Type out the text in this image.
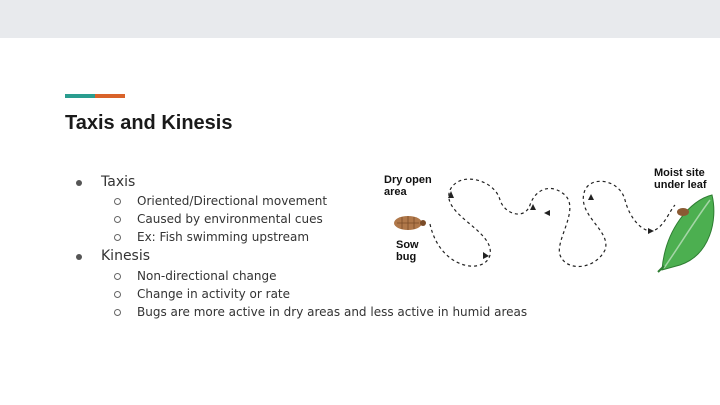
Taxis and Kinesis
Taxis
Oriented/Directional movement
Caused by environmental cues
Ex: Fish swimming upstream
Kinesis
Non-directional change
Change in activity or rate
Bugs are more active in dry areas and less active in humid areas
Dry open
area
Sow
bug
Moist site
under leaf
